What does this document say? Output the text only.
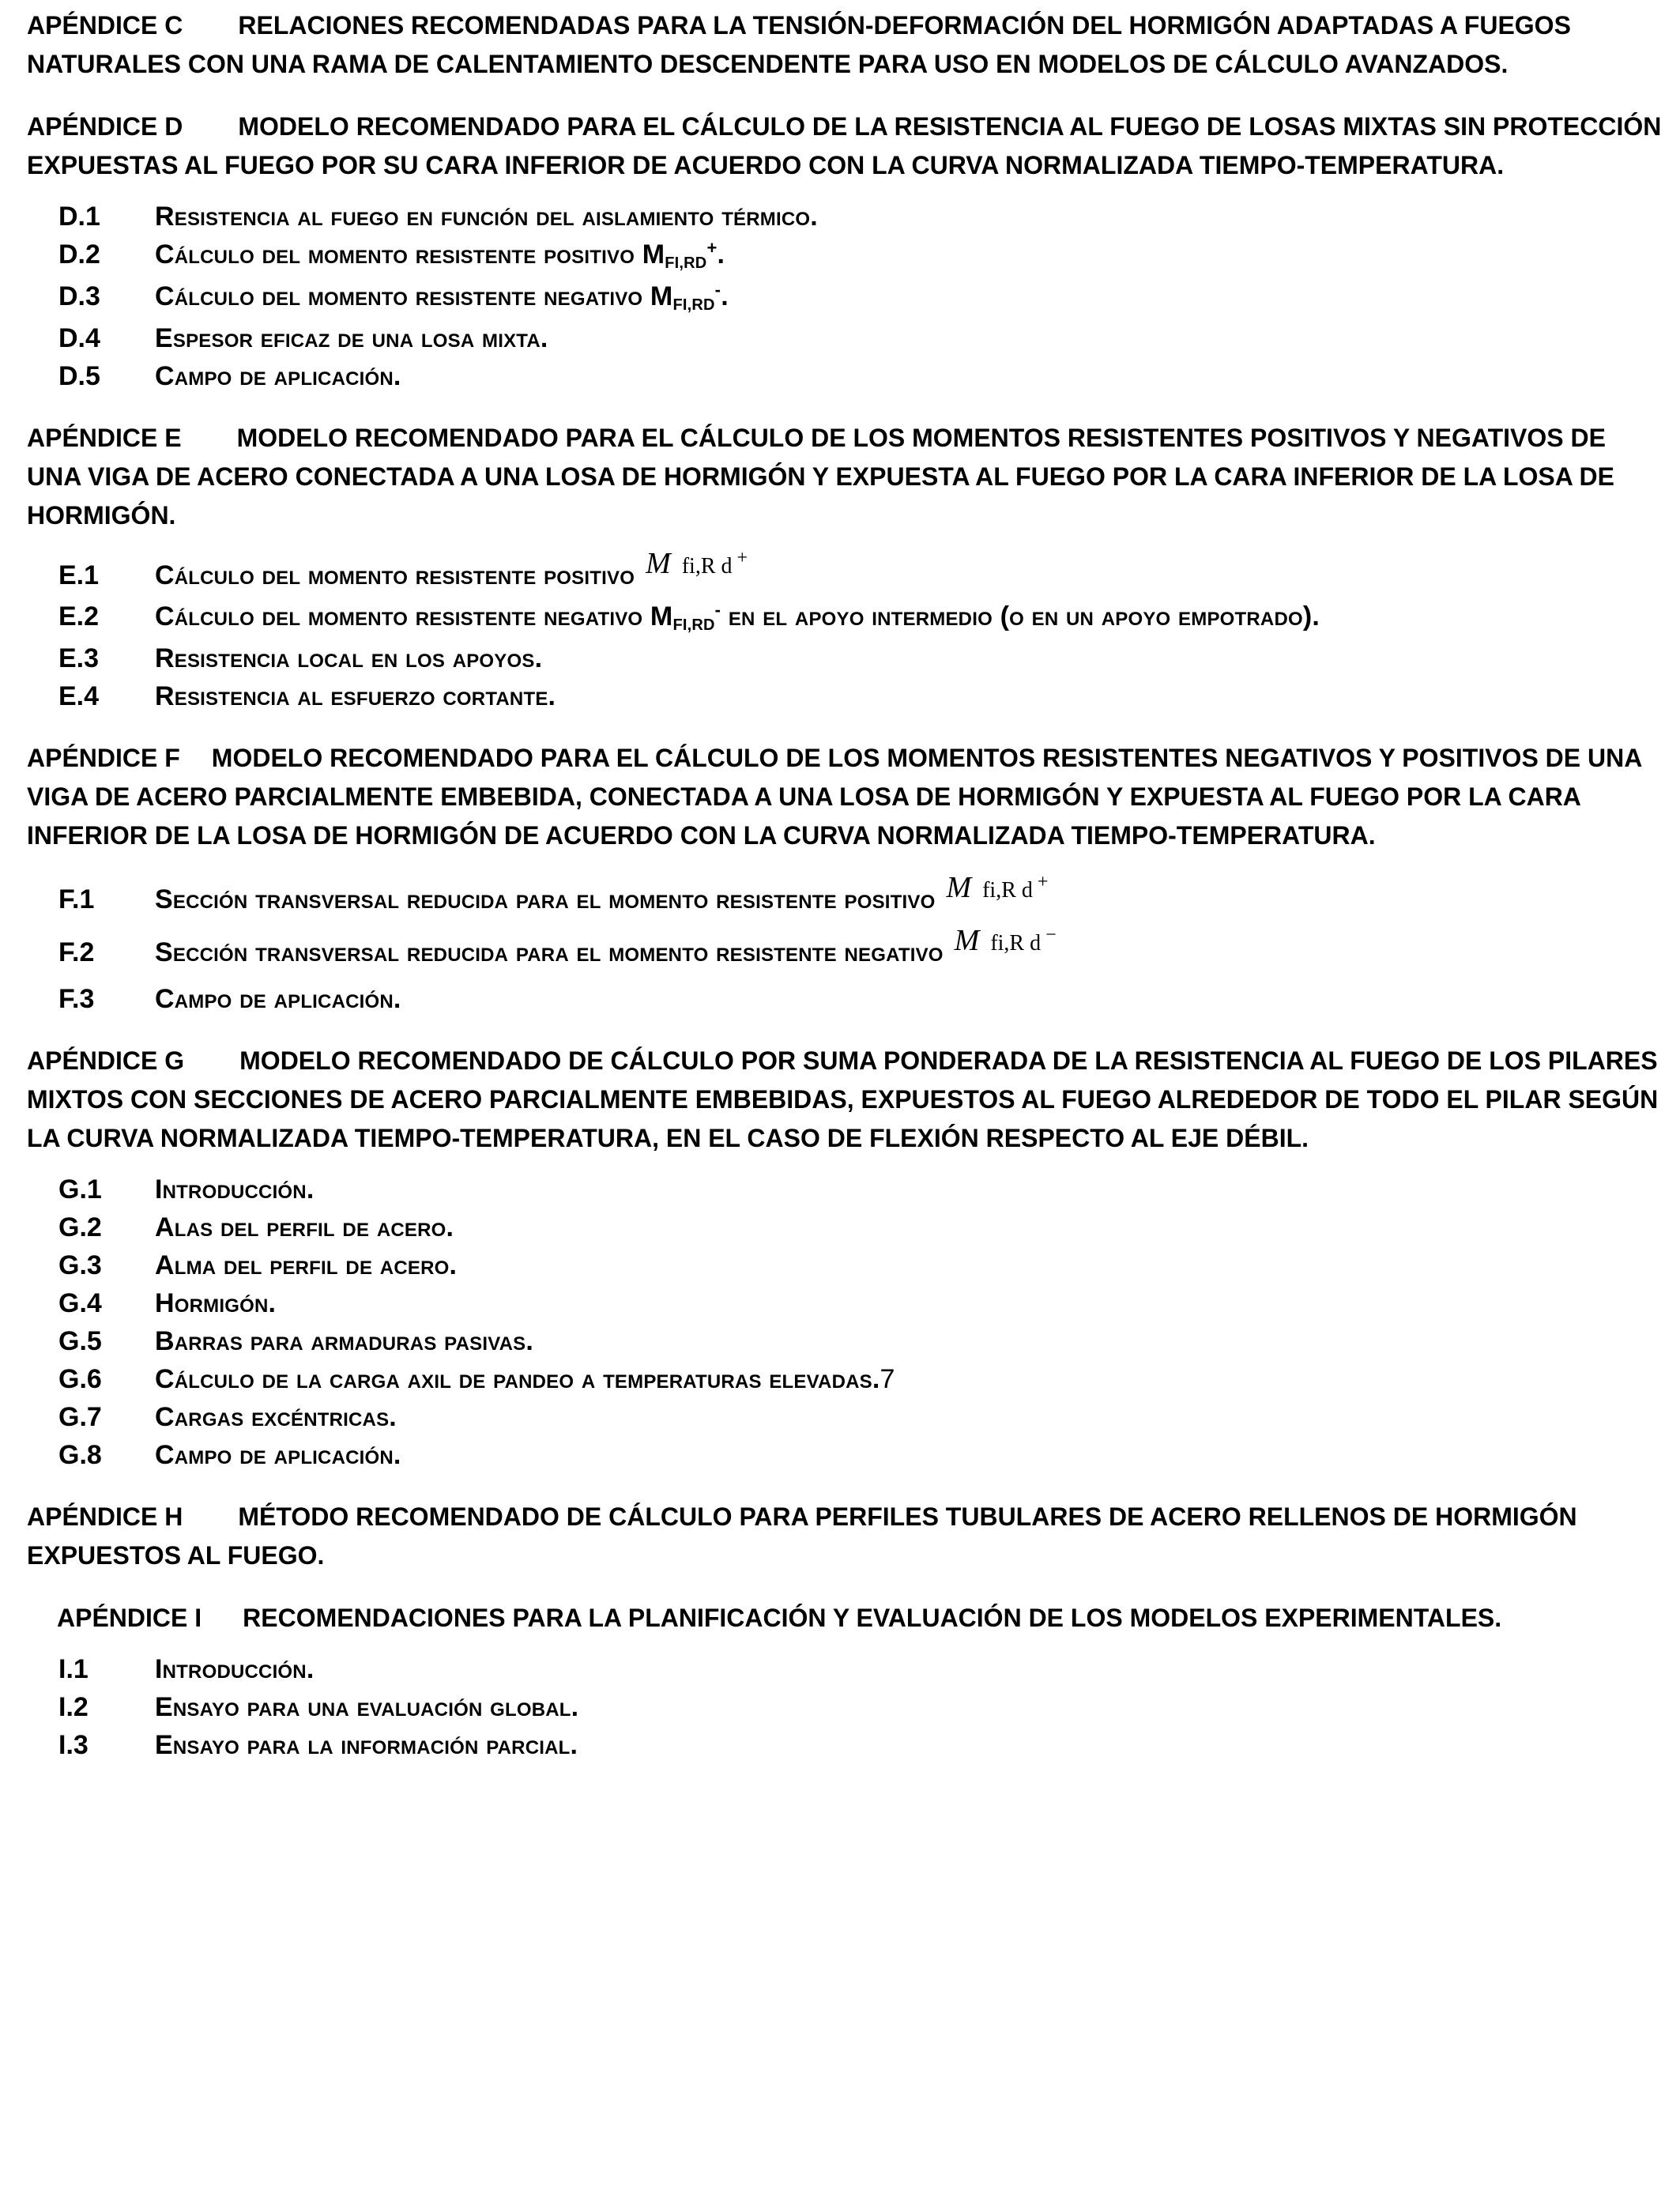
APÉNDICE C RELACIONES RECOMENDADAS PARA LA TENSIÓN-DEFORMACIÓN DEL HORMIGÓN ADAPTADAS A FUEGOS NATURALES CON UNA RAMA DE CALENTAMIENTO DESCENDENTE PARA USO EN MODELOS DE CÁLCULO AVANZADOS.

APÉNDICE D MODELO RECOMENDADO PARA EL CÁLCULO DE LA RESISTENCIA AL FUEGO DE LOSAS MIXTAS SIN PROTECCIÓN EXPUESTAS AL FUEGO POR SU CARA INFERIOR DE ACUERDO CON LA CURVA NORMALIZADA TIEMPO-TEMPERATURA.

D.1	Resistencia al fuego en función del aislamiento térmico.
D.2	Cálculo del momento resistente positivo MFI,RD+.
D.3	Cálculo del momento resistente negativo MFI,RD-.
D.4	Espesor eficaz de una losa mixta.
D.5	Campo de aplicación.

APÉNDICE E MODELO RECOMENDADO PARA EL CÁLCULO DE LOS MOMENTOS RESISTENTES POSITIVOS Y NEGATIVOS DE UNA VIGA DE ACERO CONECTADA A UNA LOSA DE HORMIGÓN Y EXPUESTA AL FUEGO POR LA CARA INFERIOR DE LA LOSA DE HORMIGÓN.

E.1	Cálculo del momento resistente positivo M fi,R d +
E.2	Cálculo del momento resistente negativo MFI,RD- en el apoyo intermedio (o en un apoyo empotrado).
E.3	Resistencia local en los apoyos.
E.4	Resistencia al esfuerzo cortante.

APÉNDICE F MODELO RECOMENDADO PARA EL CÁLCULO DE LOS MOMENTOS RESISTENTES NEGATIVOS Y POSITIVOS DE UNA VIGA DE ACERO PARCIALMENTE EMBEBIDA, CONECTADA A UNA LOSA DE HORMIGÓN Y EXPUESTA AL FUEGO POR LA CARA INFERIOR DE LA LOSA DE HORMIGÓN DE ACUERDO CON LA CURVA NORMALIZADA TIEMPO-TEMPERATURA.

F.1	Sección transversal reducida para el momento resistente positivo M fi,R d +
F.2	Sección transversal reducida para el momento resistente negativo M fi,R d −
F.3	Campo de aplicación.

APÉNDICE G MODELO RECOMENDADO DE CÁLCULO POR SUMA PONDERADA DE LA RESISTENCIA AL FUEGO DE LOS PILARES MIXTOS CON SECCIONES DE ACERO PARCIALMENTE EMBEBIDAS, EXPUESTOS AL FUEGO ALREDEDOR DE TODO EL PILAR SEGÚN LA CURVA NORMALIZADA TIEMPO-TEMPERATURA, EN EL CASO DE FLEXIÓN RESPECTO AL EJE DÉBIL.

G.1	Introducción.
G.2	Alas del perfil de acero.
G.3	Alma del perfil de acero.
G.4	Hormigón.
G.5	Barras para armaduras pasivas.
G.6	Cálculo de la carga axil de pandeo a temperaturas elevadas.7
G.7	Cargas excéntricas.
G.8	Campo de aplicación.

APÉNDICE H MÉTODO RECOMENDADO DE CÁLCULO PARA PERFILES TUBULARES DE ACERO RELLENOS DE HORMIGÓN EXPUESTOS AL FUEGO.

APÉNDICE I RECOMENDACIONES PARA LA PLANIFICACIÓN Y EVALUACIÓN DE LOS MODELOS EXPERIMENTALES.

I.1	Introducción.
I.2	Ensayo para una evaluación global.
I.3	Ensayo para la información parcial.
